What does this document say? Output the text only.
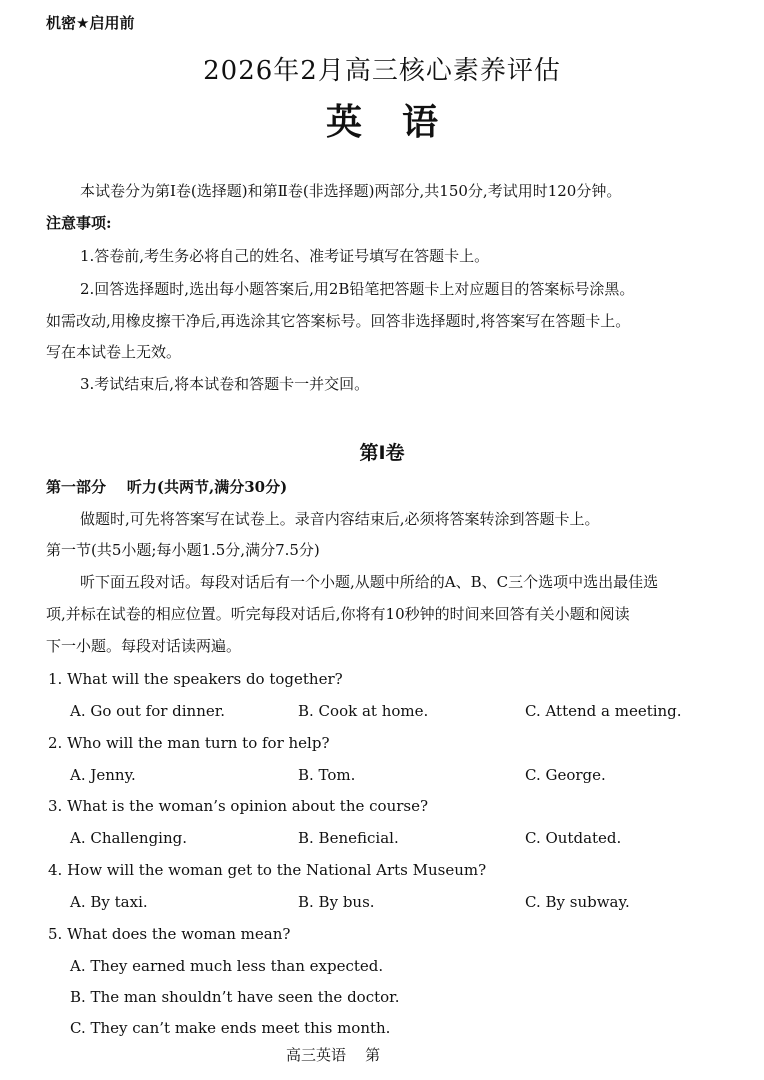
机密★启用前
2026年2月高三核心素养评估
英语
本试卷分为第Ⅰ卷(选择题)和第Ⅱ卷(非选择题)两部分,共150分,考试用时120分钟。
注意事项:
1.答卷前,考生务必将自己的姓名、准考证号填写在答题卡上。
2.回答选择题时,选出每小题答案后,用2B铅笔把答题卡上对应题目的答案标号涂黑。
如需改动,用橡皮擦干净后,再选涂其它答案标号。回答非选择题时,将答案写在答题卡上。
写在本试卷上无效。
3.考试结束后,将本试卷和答题卡一并交回。
第Ⅰ卷
第一部分    听力(共两节,满分30分)
做题时,可先将答案写在试卷上。录音内容结束后,必须将答案转涂到答题卡上。
第一节(共5小题;每小题1.5分,满分7.5分)
听下面五段对话。每段对话后有一个小题,从题中所给的A、B、C三个选项中选出最佳选
项,并标在试卷的相应位置。听完每段对话后,你将有10秒钟的时间来回答有关小题和阅读
下一小题。每段对话读两遍。
1. What will the speakers do together?
A. Go out for dinner.	B. Cook at home.	C. Attend a meeting.
2. Who will the man turn to for help?
A. Jenny.	B. Tom.	C. George.
3. What is the woman’s opinion about the course?
A. Challenging.	B. Beneficial.	C. Outdated.
4. How will the woman get to the National Arts Museum?
A. By taxi.	B. By bus.	C. By subway.
5. What does the woman mean?
A. They earned much less than expected.
B. The man shouldn’t have seen the doctor.
C. They can’t make ends meet this month.
高三英语    第
